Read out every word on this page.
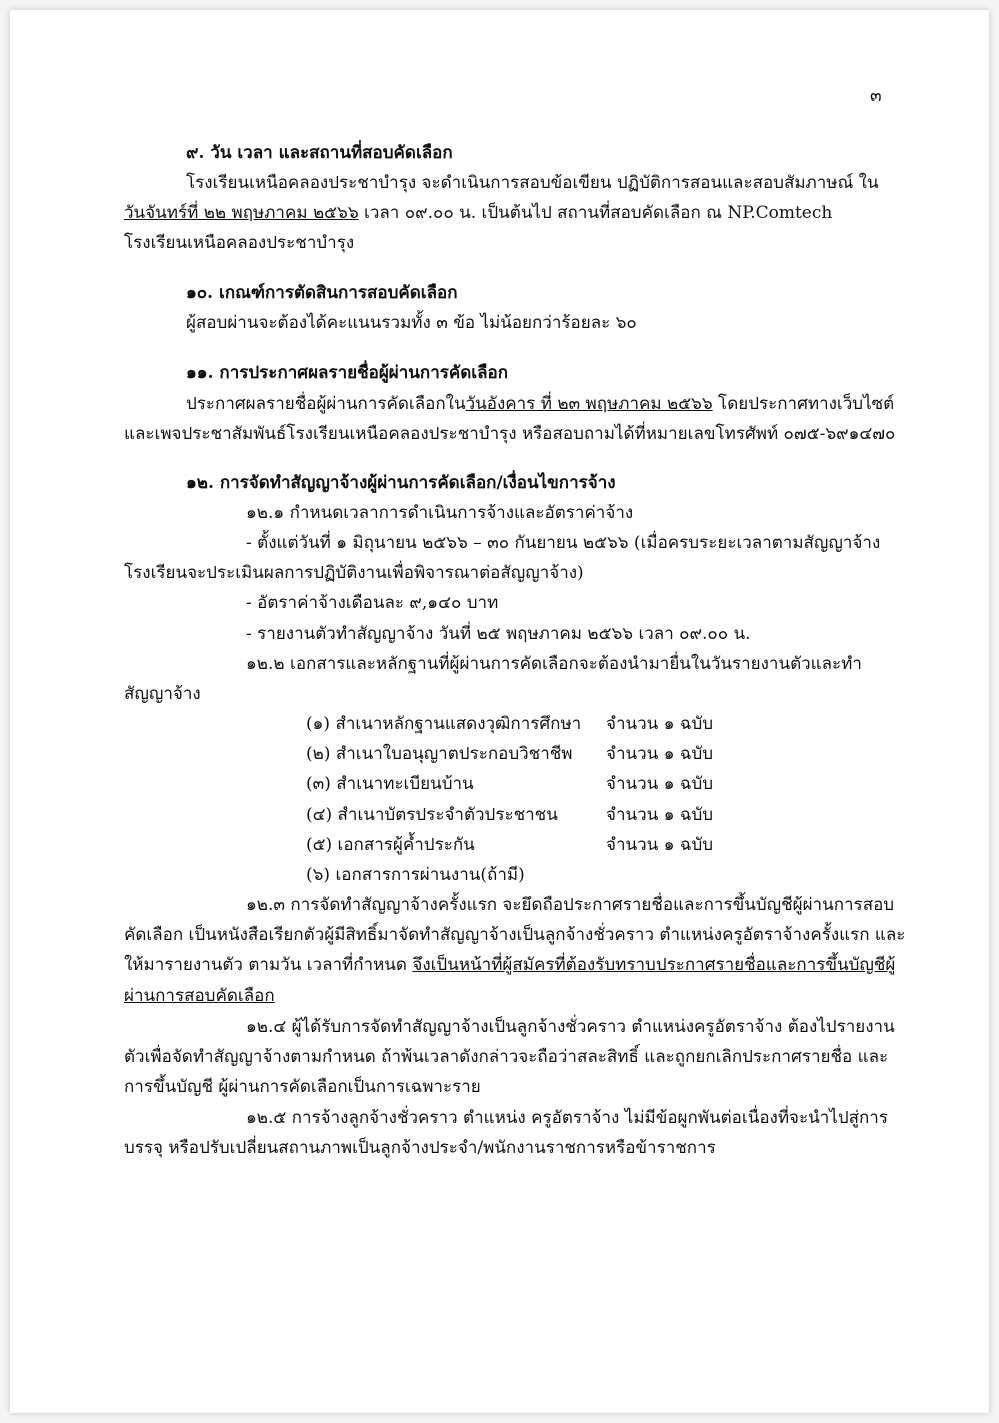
๓
๙. วัน เวลา และสถานที่สอบคัดเลือก
โรงเรียนเหนือคลองประชาบำรุง จะดำเนินการสอบข้อเขียน ปฏิบัติการสอนและสอบสัมภาษณ์ ใน
วันจันทร์ที่ ๒๒ พฤษภาคม ๒๕๖๖ เวลา ๐๙.๐๐ น. เป็นต้นไป สถานที่สอบคัดเลือก ณ NP.Comtech
โรงเรียนเหนือคลองประชาบำรุง
๑๐. เกณฑ์การตัดสินการสอบคัดเลือก
ผู้สอบผ่านจะต้องได้คะแนนรวมทั้ง ๓ ข้อ ไม่น้อยกว่าร้อยละ ๖๐
๑๑. การประกาศผลรายชื่อผู้ผ่านการคัดเลือก
ประกาศผลรายชื่อผู้ผ่านการคัดเลือกในวันอังคาร ที่ ๒๓ พฤษภาคม ๒๕๖๖ โดยประกาศทางเว็บไซต์
และเพจประชาสัมพันธ์โรงเรียนเหนือคลองประชาบำรุง หรือสอบถามได้ที่หมายเลขโทรศัพท์ ๐๗๕-๖๙๑๔๗๐
๑๒. การจัดทำสัญญาจ้างผู้ผ่านการคัดเลือก/เงื่อนไขการจ้าง
๑๒.๑ กำหนดเวลาการดำเนินการจ้างและอัตราค่าจ้าง
- ตั้งแต่วันที่ ๑ มิถุนายน ๒๕๖๖ – ๓๐ กันยายน ๒๕๖๖ (เมื่อครบระยะเวลาตามสัญญาจ้าง
โรงเรียนจะประเมินผลการปฏิบัติงานเพื่อพิจารณาต่อสัญญาจ้าง)
- อัตราค่าจ้างเดือนละ ๙,๑๔๐ บาท
- รายงานตัวทำสัญญาจ้าง วันที่ ๒๕ พฤษภาคม ๒๕๖๖ เวลา ๐๙.๐๐ น.
๑๒.๒ เอกสารและหลักฐานที่ผู้ผ่านการคัดเลือกจะต้องนำมายื่นในวันรายงานตัวและทำ
สัญญาจ้าง
(๑) สำเนาหลักฐานแสดงวุฒิการศึกษา จำนวน ๑ ฉบับ
(๒) สำเนาใบอนุญาตประกอบวิชาชีพ จำนวน ๑ ฉบับ
(๓) สำเนาทะเบียนบ้าน	จำนวน ๑ ฉบับ
(๔) สำเนาบัตรประจำตัวประชาชน	จำนวน ๑ ฉบับ
(๕) เอกสารผู้ค้ำประกัน	จำนวน ๑ ฉบับ
(๖) เอกสารการผ่านงาน(ถ้ามี)
๑๒.๓ การจัดทำสัญญาจ้างครั้งแรก จะยึดถือประกาศรายชื่อและการขึ้นบัญชีผู้ผ่านการสอบ
คัดเลือก เป็นหนังสือเรียกตัวผู้มีสิทธิ์มาจัดทำสัญญาจ้างเป็นลูกจ้างชั่วคราว ตำแหน่งครูอัตราจ้างครั้งแรก และ
ให้มารายงานตัว ตามวัน เวลาที่กำหนด จึงเป็นหน้าที่ผู้สมัครที่ต้องรับทราบประกาศรายชื่อและการขึ้นบัญชีผู้
ผ่านการสอบคัดเลือก
๑๒.๔ ผู้ได้รับการจัดทำสัญญาจ้างเป็นลูกจ้างชั่วคราว ตำแหน่งครูอัตราจ้าง ต้องไปรายงาน
ตัวเพื่อจัดทำสัญญาจ้างตามกำหนด ถ้าพ้นเวลาดังกล่าวจะถือว่าสละสิทธิ์ และถูกยกเลิกประกาศรายชื่อ และ
การขึ้นบัญชี ผู้ผ่านการคัดเลือกเป็นการเฉพาะราย
๑๒.๕ การจ้างลูกจ้างชั่วคราว ตำแหน่ง ครูอัตราจ้าง ไม่มีข้อผูกพันต่อเนื่องที่จะนำไปสู่การ
บรรจุ หรือปรับเปลี่ยนสถานภาพเป็นลูกจ้างประจำ/พนักงานราชการหรือข้าราชการ
